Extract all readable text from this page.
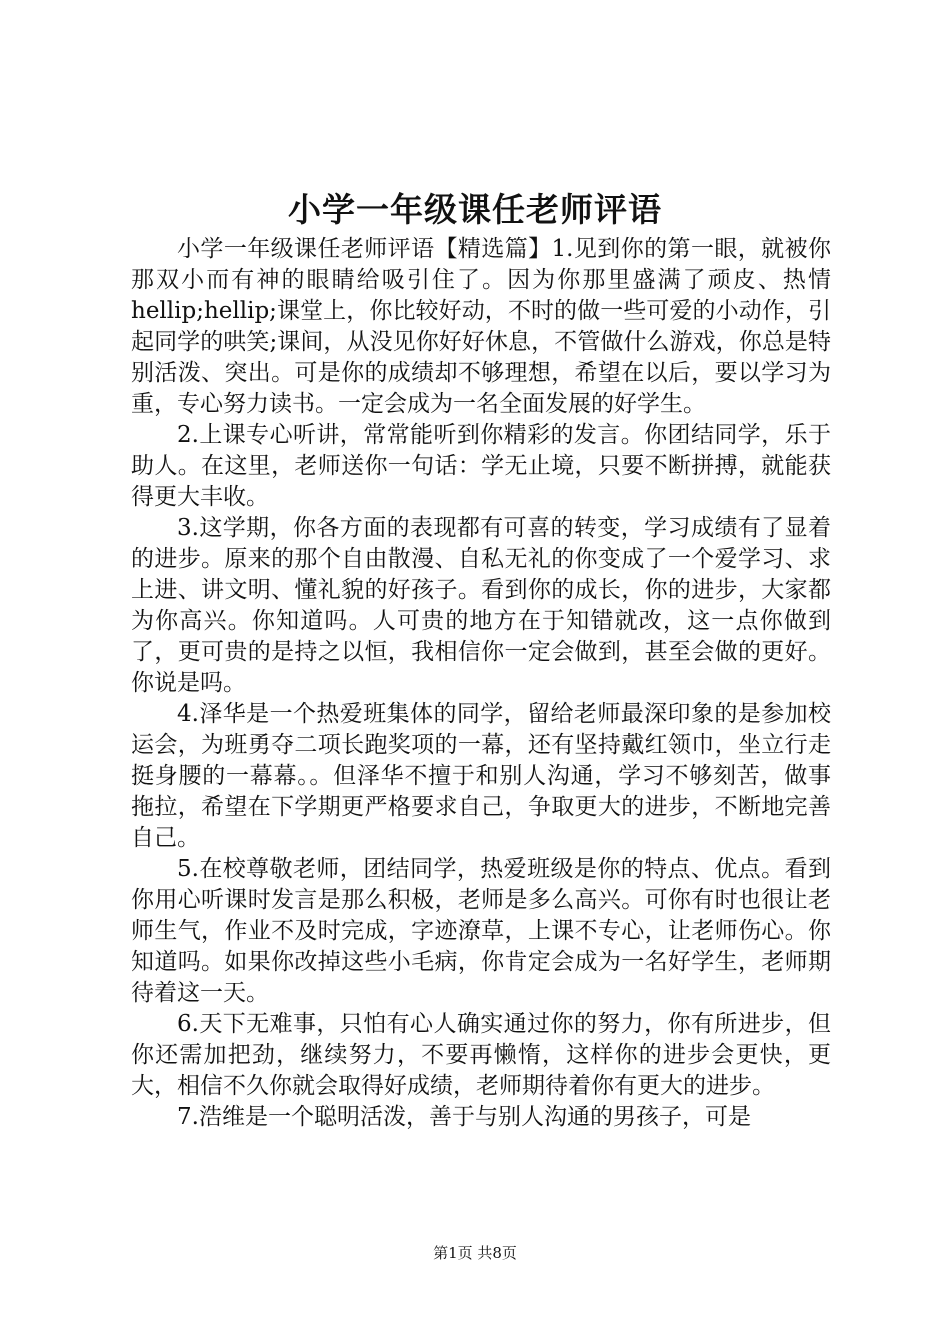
小学一年级课任老师评语

小学一年级课任老师评语【精选篇】1.见到你的第一眼，就被你那双小而有神的眼睛给吸引住了。因为你那里盛满了顽皮、热情hellip;hellip;课堂上，你比较好动，不时的做一些可爱的小动作，引起同学的哄笑;课间，从没见你好好休息，不管做什么游戏，你总是特别活泼、突出。可是你的成绩却不够理想，希望在以后，要以学习为重，专心努力读书。一定会成为一名全面发展的好学生。

2.上课专心听讲，常常能听到你精彩的发言。你团结同学，乐于助人。在这里，老师送你一句话：学无止境，只要不断拼搏，就能获得更大丰收。

3.这学期，你各方面的表现都有可喜的转变，学习成绩有了显着的进步。原来的那个自由散漫、自私无礼的你变成了一个爱学习、求上进、讲文明、懂礼貌的好孩子。看到你的成长，你的进步，大家都为你高兴。你知道吗。人可贵的地方在于知错就改，这一点你做到了，更可贵的是持之以恒，我相信你一定会做到，甚至会做的更好。你说是吗。

4.泽华是一个热爱班集体的同学，留给老师最深印象的是参加校运会，为班勇夺二项长跑奖项的一幕，还有坚持戴红领巾，坐立行走挺身腰的一幕幕。。但泽华不擅于和别人沟通，学习不够刻苦，做事拖拉，希望在下学期更严格要求自己，争取更大的进步，不断地完善自己。

5.在校尊敬老师，团结同学，热爱班级是你的特点、优点。看到你用心听课时发言是那么积极，老师是多么高兴。可你有时也很让老师生气，作业不及时完成，字迹潦草，上课不专心，让老师伤心。你知道吗。如果你改掉这些小毛病，你肯定会成为一名好学生，老师期待着这一天。

6.天下无难事，只怕有心人确实通过你的努力，你有所进步，但你还需加把劲，继续努力，不要再懒惰，这样你的进步会更快，更大，相信不久你就会取得好成绩，老师期待着你有更大的进步。

7.浩维是一个聪明活泼，善于与别人沟通的男孩子，可是

第1页 共8页
